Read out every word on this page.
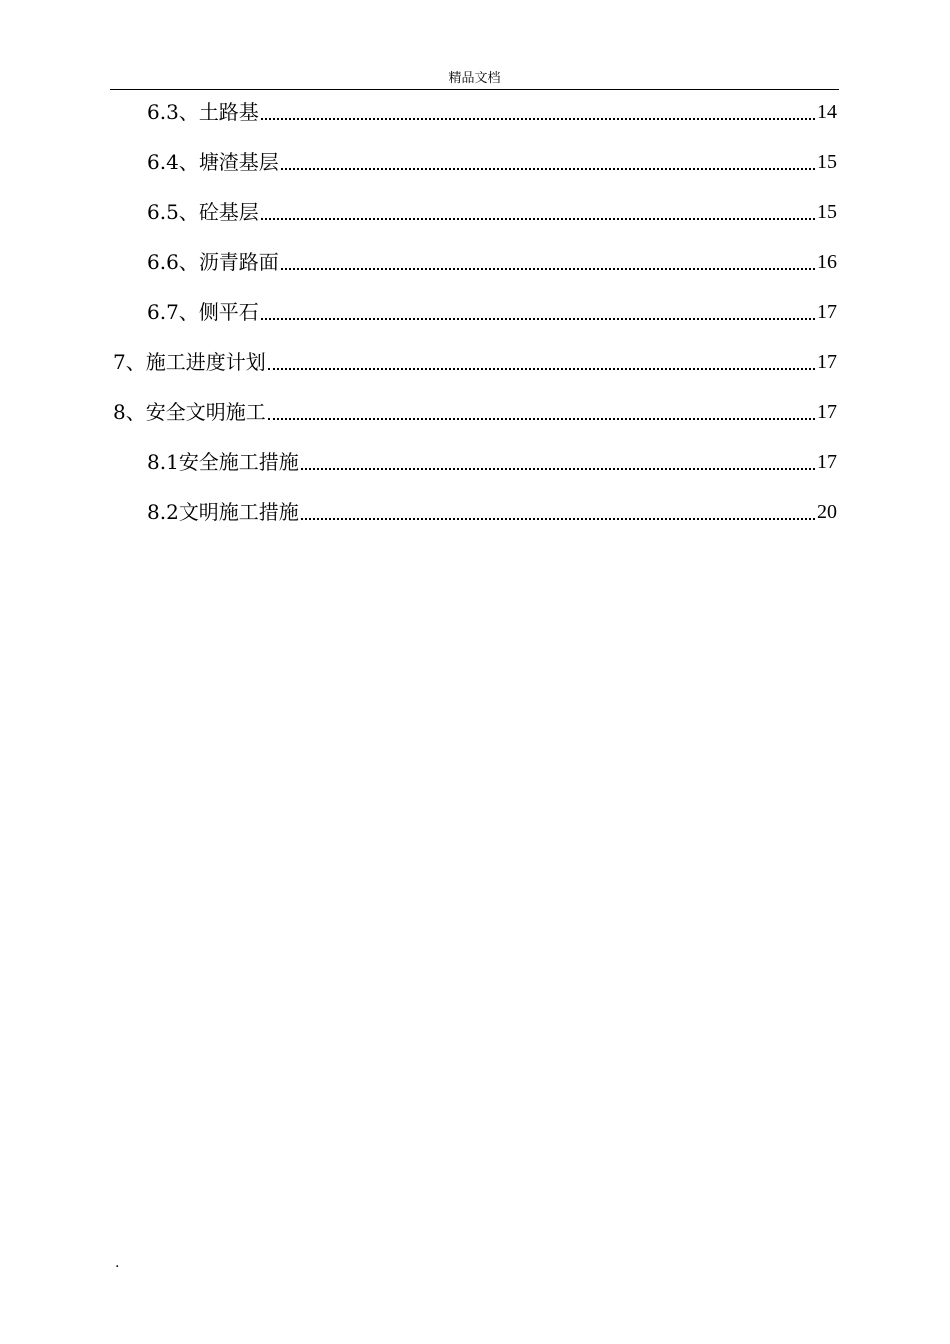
精品文档
6.3、 土路基	14
6.4、 塘渣基层	15
6.5、 砼基层	15
6.6、 沥青路面	16
6.7、 侧平石	17
7、 施工进度计划	17
8、 安全文明施工	17
8.1 安全施工措施	17
8.2 文明施工措施	20
.
